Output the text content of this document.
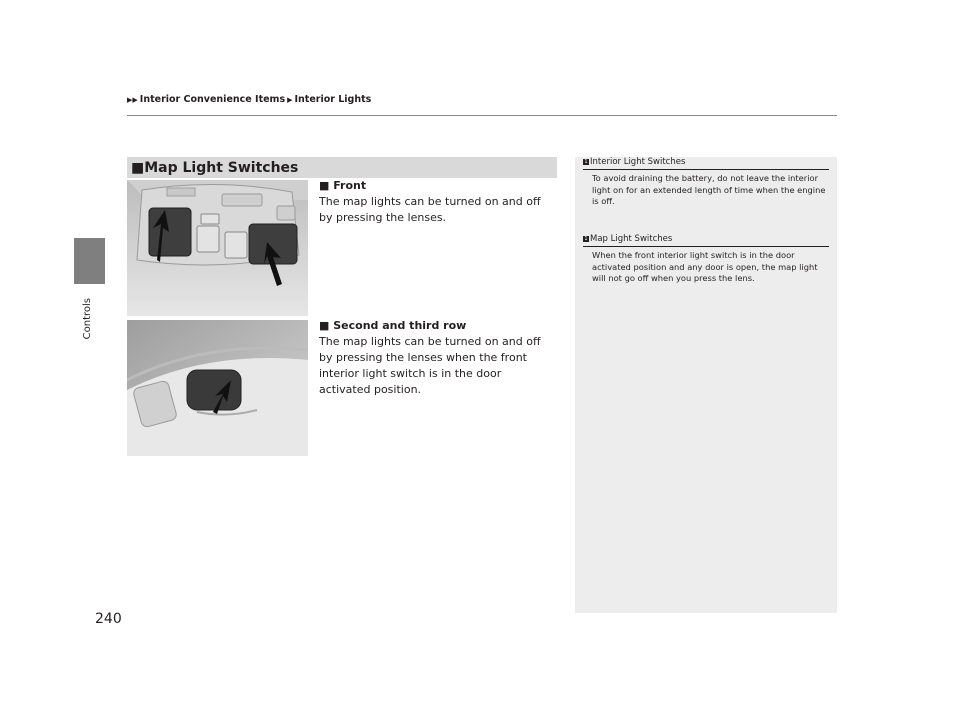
▶▶ Interior Convenience Items ▶ Interior Lights
Controls
240
■Map Light Switches
■ Front
The map lights can be turned on and off by pressing the lenses.
■ Second and third row
The map lights can be turned on and off by pressing the lenses when the front interior light switch is in the door activated position.
1 Interior Light Switches
To avoid draining the battery, do not leave the interior light on for an extended length of time when the engine is off.
1 Map Light Switches
When the front interior light switch is in the door activated position and any door is open, the map light will not go off when you press the lens.
